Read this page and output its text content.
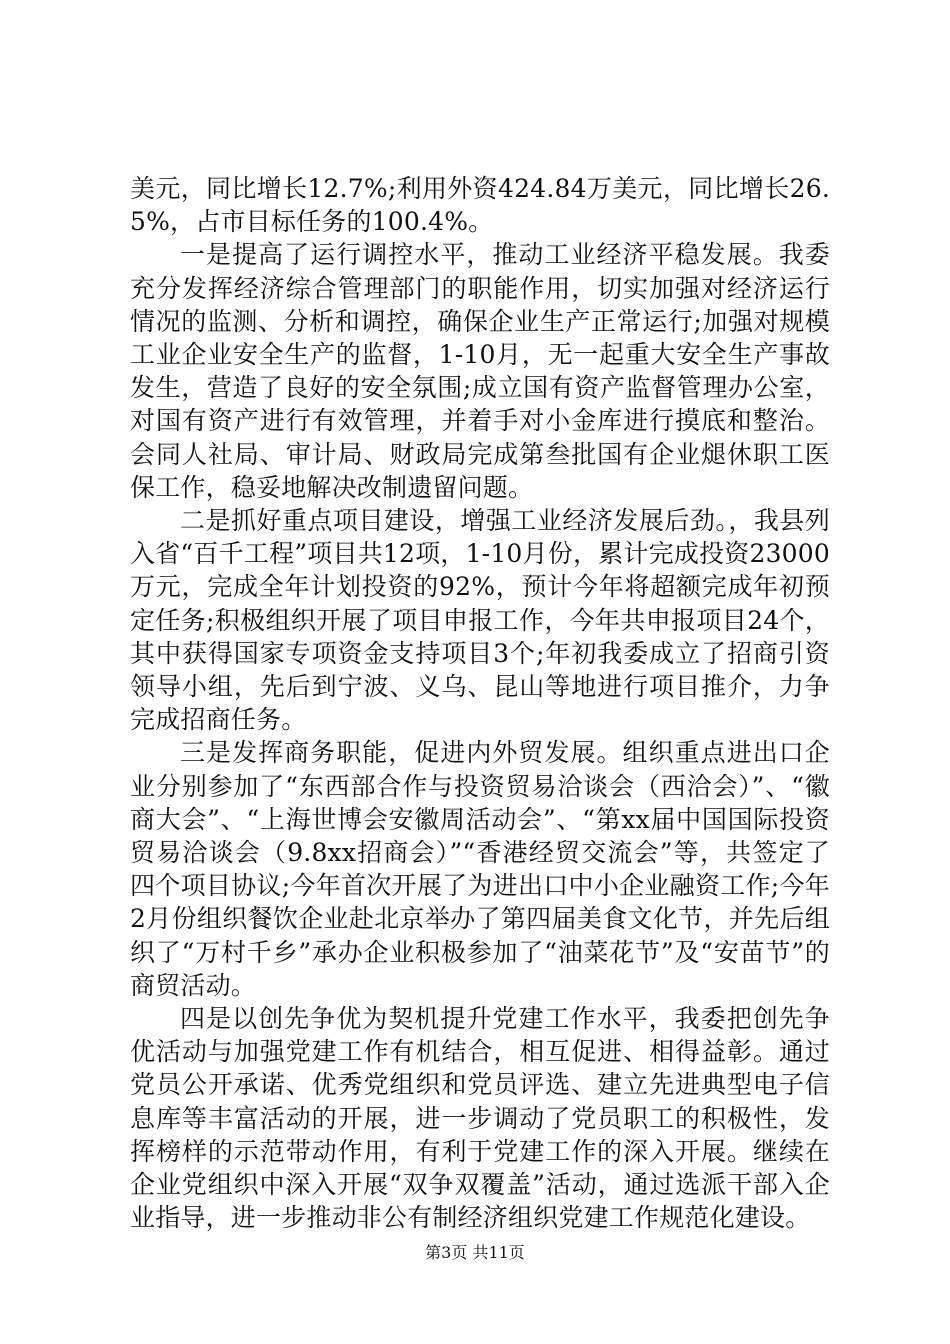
美元，同比增长12.7%;利用外资424.84万美元，同比增长26.5%，占市目标任务的100.4%。

一是提高了运行调控水平，推动工业经济平稳发展。我委充分发挥经济综合管理部门的职能作用，切实加强对经济运行情况的监测、分析和调控，确保企业生产正常运行;加强对规模工业企业安全生产的监督，1-10月，无一起重大安全生产事故发生，营造了良好的安全氛围;成立国有资产监督管理办公室，对国有资产进行有效管理，并着手对小金库进行摸底和整治。会同人社局、审计局、财政局完成第叁批国有企业煺休职工医保工作，稳妥地解决改制遗留问题。

二是抓好重点项目建设，增强工业经济发展后劲。，我县列入省“百千工程”项目共12项，1-10月份，累计完成投资23000万元，完成全年计划投资的92%，预计今年将超额完成年初预定任务;积极组织开展了项目申报工作，今年共申报项目24个，其中获得国家专项资金支持项目3个;年初我委成立了招商引资领导小组，先后到宁波、义乌、昆山等地进行项目推介，力争完成招商任务。

三是发挥商务职能，促进内外贸发展。组织重点进出口企业分别参加了“东西部合作与投资贸易洽谈会（西洽会）”、“徽商大会”、“上海世博会安徽周活动会”、“第xx届中国国际投资贸易洽谈会（9.8xx招商会）”“香港经贸交流会”等，共签定了四个项目协议;今年首次开展了为进出口中小企业融资工作;今年2月份组织餐饮企业赴北京举办了第四届美食文化节，并先后组织了“万村千乡”承办企业积极参加了“油菜花节”及“安苗节”的商贸活动。

四是以创先争优为契机提升党建工作水平，我委把创先争优活动与加强党建工作有机结合，相互促进、相得益彰。通过党员公开承诺、优秀党组织和党员评选、建立先进典型电子信息库等丰富活动的开展，进一步调动了党员职工的积极性，发挥榜样的示范带动作用，有利于党建工作的深入开展。继续在企业党组织中深入开展“双争双覆盖”活动，通过选派干部入企业指导，进一步推动非公有制经济组织党建工作规范化建设。

第3页 共11页
